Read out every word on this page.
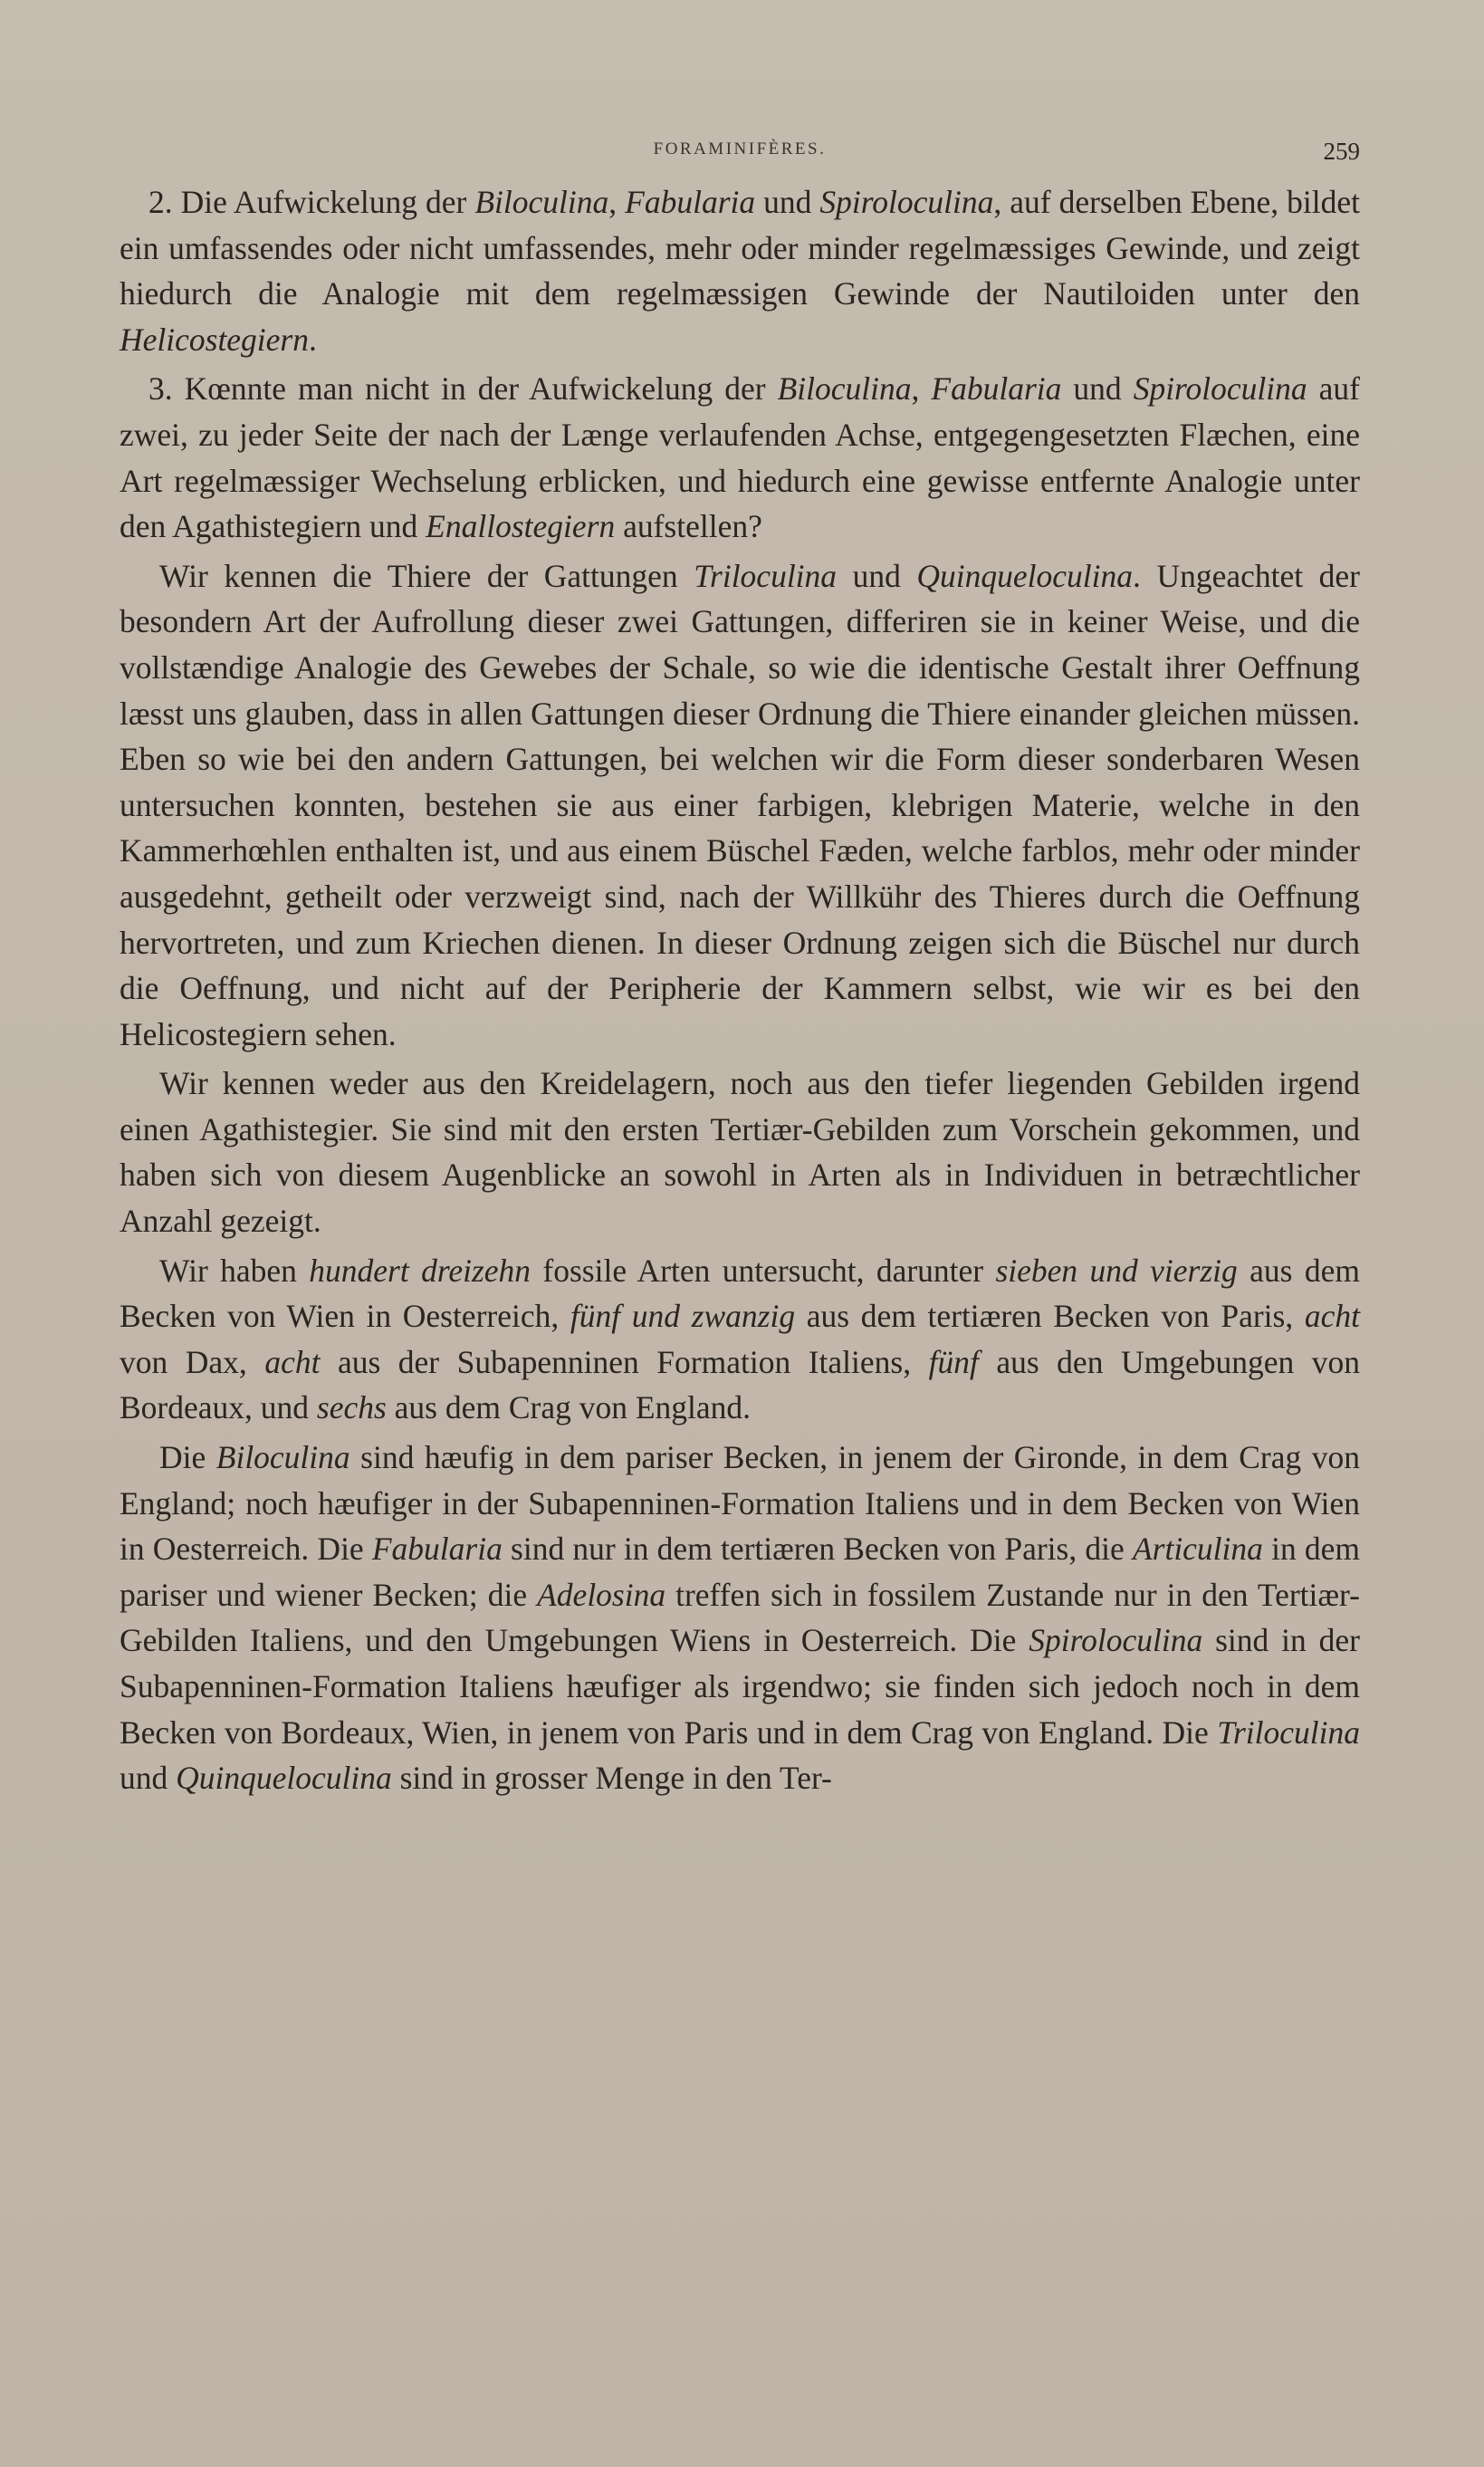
FORAMINIFÈRES.	259

2. Die Aufwickelung der Biloculina, Fabularia und Spiroloculina, auf derselben Ebene, bildet ein umfassendes oder nicht umfassendes, mehr oder minder regelmæssiges Gewinde, und zeigt hiedurch die Analogie mit dem regelmæssigen Gewinde der Nautiloiden unter den Helicostegiern.

3. Kœnnte man nicht in der Aufwickelung der Biloculina, Fabularia und Spiroloculina auf zwei, zu jeder Seite der nach der Længe verlaufenden Achse, entgegengesetzten Flæchen, eine Art regelmæssiger Wechselung erblicken, und hiedurch eine gewisse entfernte Analogie unter den Agathistegiern und Enallostegiern aufstellen?

Wir kennen die Thiere der Gattungen Triloculina und Quinqueloculina. Ungeachtet der besondern Art der Aufrollung dieser zwei Gattungen, differiren sie in keiner Weise, und die vollstændige Analogie des Gewebes der Schale, so wie die identische Gestalt ihrer Oeffnung læsst uns glauben, dass in allen Gattungen dieser Ordnung die Thiere einander gleichen müssen. Eben so wie bei den andern Gattungen, bei welchen wir die Form dieser sonderbaren Wesen untersuchen konnten, bestehen sie aus einer farbigen, klebrigen Materie, welche in den Kammerhœhlen enthalten ist, und aus einem Büschel Fæden, welche farblos, mehr oder minder ausgedehnt, getheilt oder verzweigt sind, nach der Willkühr des Thieres durch die Oeffnung hervortreten, und zum Kriechen dienen. In dieser Ordnung zeigen sich die Büschel nur durch die Oeffnung, und nicht auf der Peripherie der Kammern selbst, wie wir es bei den Helicostegiern sehen.

Wir kennen weder aus den Kreidelagern, noch aus den tiefer liegenden Gebilden irgend einen Agathistegier. Sie sind mit den ersten Tertiær-Gebilden zum Vorschein gekommen, und haben sich von diesem Augenblicke an sowohl in Arten als in Individuen in betræchtlicher Anzahl gezeigt.

Wir haben hundert dreizehn fossile Arten untersucht, darunter sieben und vierzig aus dem Becken von Wien in Oesterreich, fünf und zwanzig aus dem tertiæren Becken von Paris, acht von Dax, acht aus der Subapenninen Formation Italiens, fünf aus den Umgebungen von Bordeaux, und sechs aus dem Crag von England.

Die Biloculina sind hæufig in dem pariser Becken, in jenem der Gironde, in dem Crag von England; noch hæufiger in der Subapenninen-Formation Italiens und in dem Becken von Wien in Oesterreich. Die Fabularia sind nur in dem tertiæren Becken von Paris, die Articulina in dem pariser und wiener Becken; die Adelosina treffen sich in fossilem Zustande nur in den Tertiær-Gebilden Italiens, und den Umgebungen Wiens in Oesterreich. Die Spiroloculina sind in der Subapenninen-Formation Italiens hæufiger als irgendwo; sie finden sich jedoch noch in dem Becken von Bordeaux, Wien, in jenem von Paris und in dem Crag von England. Die Triloculina und Quinqueloculina sind in grosser Menge in den Ter-
